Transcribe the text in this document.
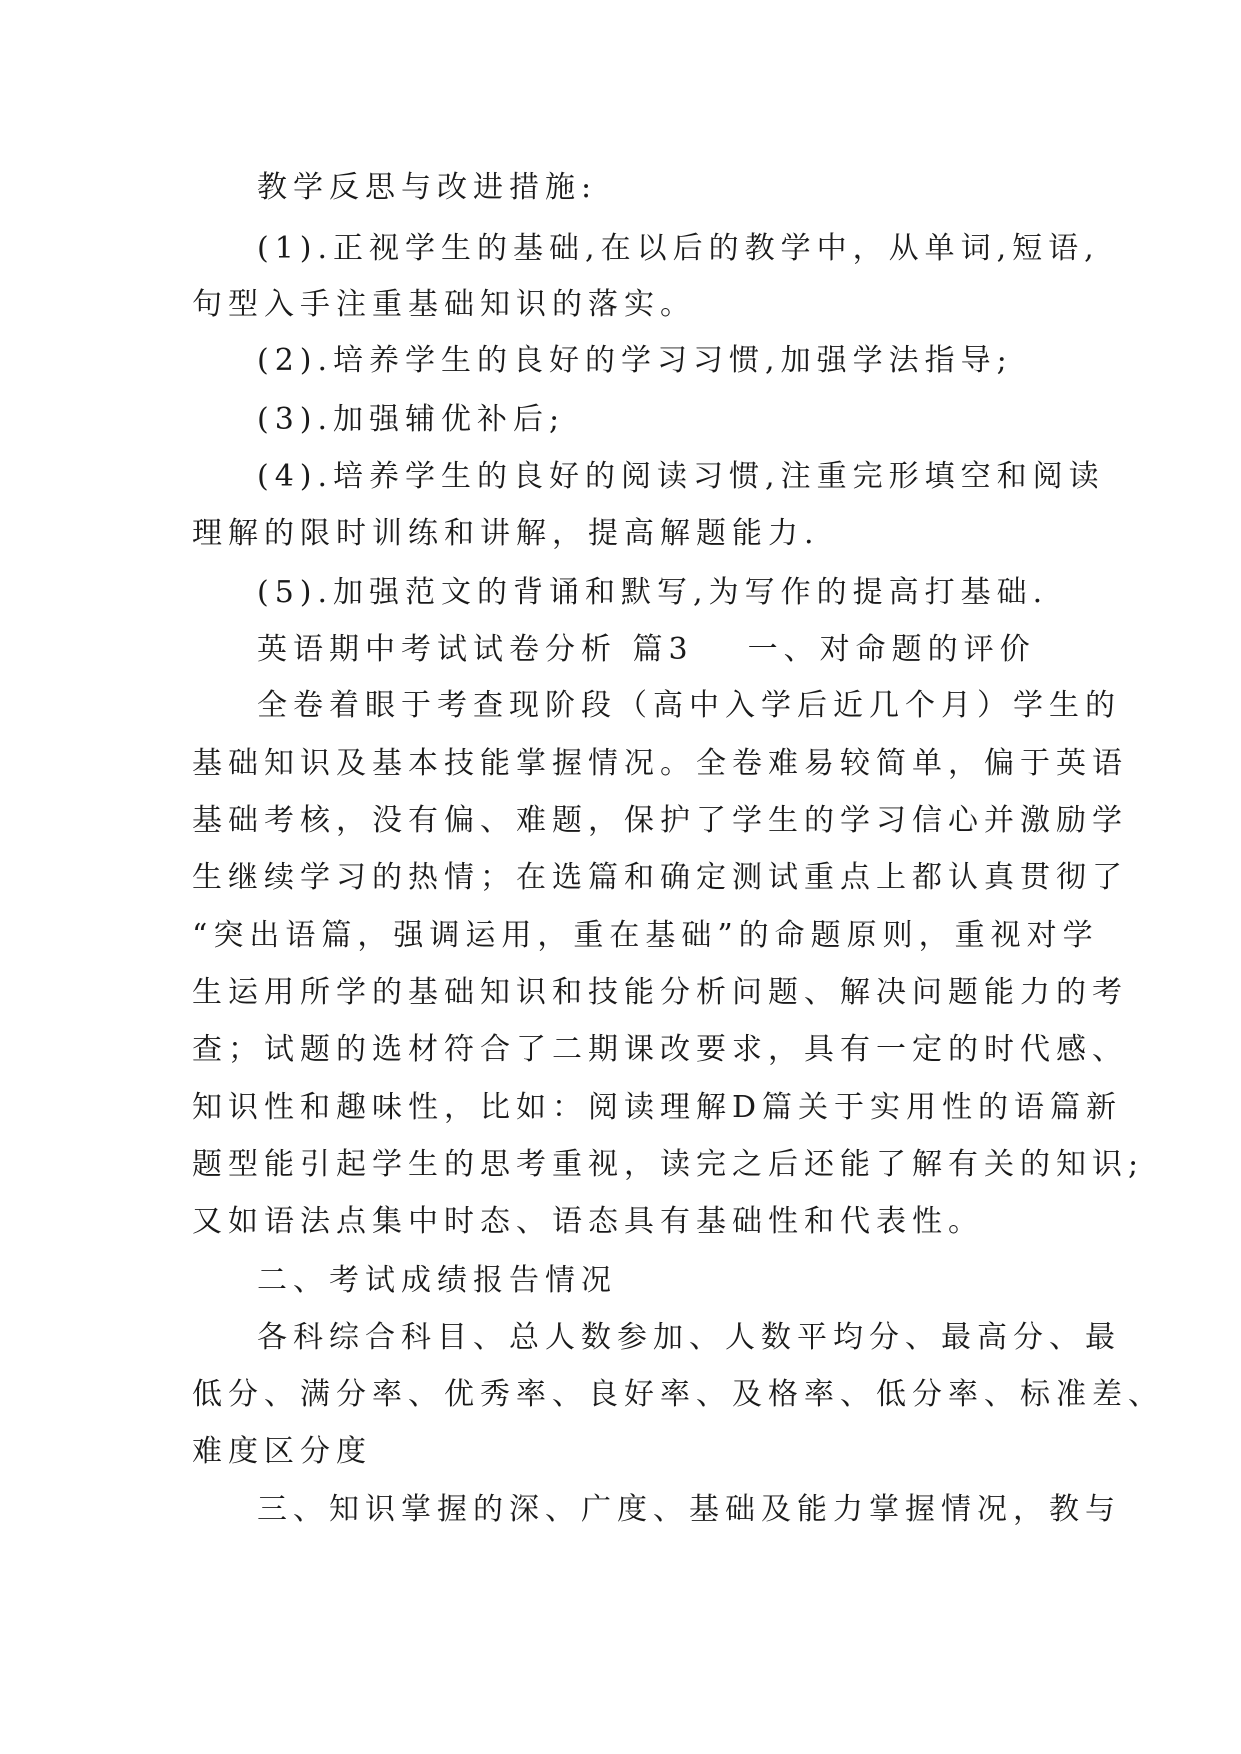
教学反思与改进措施:

(1).正视学生的基础,在以后的教学中，从单词,短语,

句型入手注重基础知识的落实。

(2).培养学生的良好的学习习惯,加强学法指导;

(3).加强辅优补后;

(4).培养学生的良好的阅读习惯,注重完形填空和阅读

理解的限时训练和讲解，提高解题能力.

(5).加强范文的背诵和默写,为写作的提高打基础.

英语期中考试试卷分析 篇3 一、对命题的评价

全卷着眼于考查现阶段（高中入学后近几个月）学生的

基础知识及基本技能掌握情况。全卷难易较简单，偏于英语

基础考核，没有偏、难题，保护了学生的学习信心并激励学

生继续学习的热情；在选篇和确定测试重点上都认真贯彻了

“突出语篇，强调运用，重在基础”的命题原则，重视对学

生运用所学的基础知识和技能分析问题、解决问题能力的考

查；试题的选材符合了二期课改要求，具有一定的时代感、

知识性和趣味性，比如：阅读理解D篇关于实用性的语篇新

题型能引起学生的思考重视，读完之后还能了解有关的知识;

又如语法点集中时态、语态具有基础性和代表性。

二、考试成绩报告情况

各科综合科目、总人数参加、人数平均分、最高分、最

低分、满分率、优秀率、良好率、及格率、低分率、标准差、

难度区分度

三、知识掌握的深、广度、基础及能力掌握情况，教与
